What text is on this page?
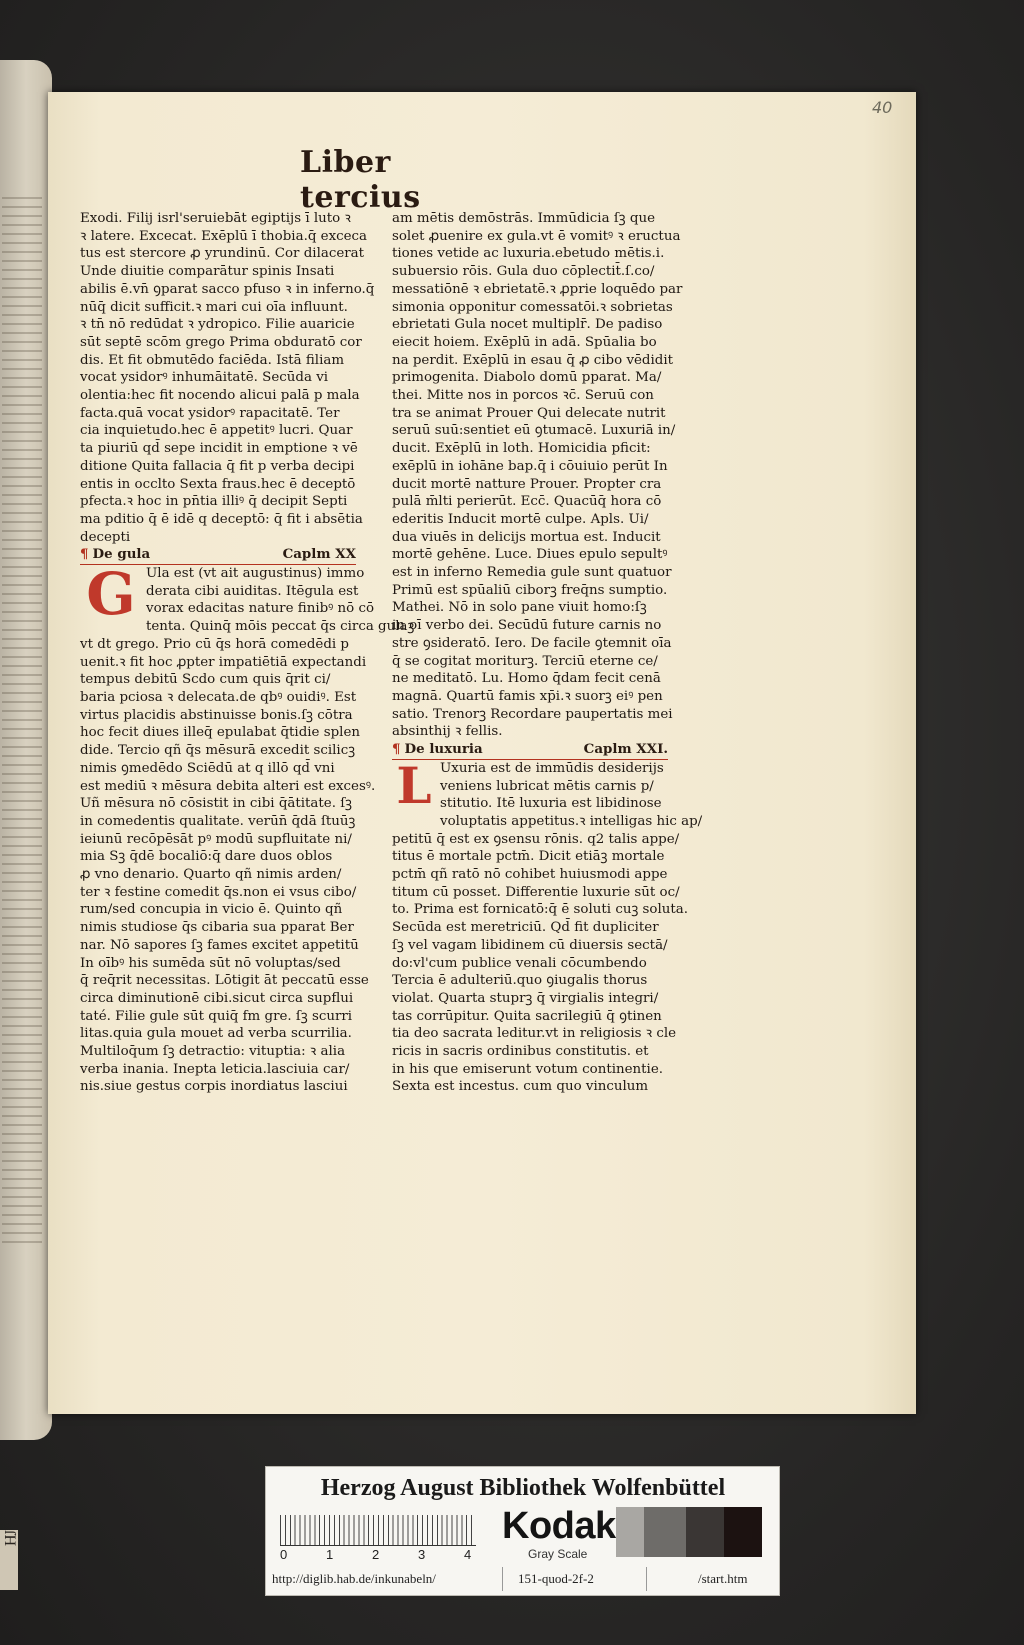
ſH
40
Liber tercius
Exodi. Filij isrl'seruiebāt egiptijs ī luto ꝛ
ꝛ latere. Excecat. Exēplū ī thobia.q̄ exceca
tus est stercore ꝓ yrundinū. Cor dilacerat
Unde diuitie comparātur spinis Insati
abilis ē.vn̄ ꝯparat sacco pfuso ꝛ in inferno.q̄
nūq̄ dicit sufficit.ꝛ mari cui oīa influunt.
ꝛ tn̄ nō redūdat ꝛ ydropico. Filie auaricie
sūt septē scōm grego Prima obduratō cor
dis. Et fit obmutēdo faciēda. Istā filiam
vocat ysidorꝰ inhumāitatē. Secūda vi
olentia:hec fit nocendo alicui palā p mala
facta.quā vocat ysidorꝰ rapacitatē. Ter
cia inquietudo.hec ē appetitꝰ lucri. Quar
ta piuriū qd̄ sepe incidit in emptione ꝛ vē
ditione Quita fallacia q̄ fit p verba decipi
entis in occlto Sexta fraus.hec ē deceptō
pfecta.ꝛ hoc in pn̄tia illiꝰ q̄ decipit Septi
ma pditio q̄ ē idē q deceptō: q̄ fit i absētia
decepti
¶ De gula	Caplm XX
G Ula est (vt ait augustinus) immo
derata cibi auiditas. Itēgula est
vorax edacitas nature finibꝰ nō cō
tenta. Quinq̄ mōis peccat q̄s circa gulaꝫ
vt dt grego. Prio cū q̄s horā comedēdi p
uenit.ꝛ fit hoc ꝓpter impatiētiā expectandi
tempus debitū Scdo cum quis q̄rit ci/
baria pciosa ꝛ delecata.de qbꝰ ouidiꝰ. Est
virtus placidis abstinuisse bonis.ſꝫ cōtra
hoc fecit diues illeq̄ epulabat q̄tidie splen
dide. Tercio qñ q̄s mēsurā excedit scilicꝫ
nimis ꝯmedēdo Sciēdū at q illō qd̄ vni
est mediū ꝛ mēsura debita alteri est excesꝰ.
Uñ mēsura nō cōsistit in cibi q̄ātitate. ſꝫ
in comedentis qualitate. verūn̄ q̄dā ſtuūꝫ
ieiunū recōpēsāt pꝰ modū supfluitate ni/
mia Sꝫ q̄dē bocaliō:q̄ dare duos oblos
ꝓ vno denario. Quarto qñ nimis arden/
ter ꝛ festine comedit q̄s.non ei vsus cibo/
rum/sed concupia in vicio ē. Quinto qñ
nimis studiose q̄s cibaria sua pparat Ber
nar. Nō sapores ſꝫ fames excitet appetitū
In oībꝰ his sumēda sūt nō voluptas/sed
q̄ req̄rit necessitas. Lōtigit āt peccatū esse
circa diminutionē cibi.sicut circa supflui
taté. Filie gule sūt quiq̄ fm gre. ſꝫ scurri
litas.quia gula mouet ad verba scurrilia.
Multiloq̄um ſꝫ detractio: vituptia: ꝛ alia
verba inania. Inepta leticia.lasciuia car/
nis.siue gestus corpis inordiatus lasciui
am mētis demōstrās. Immūdicia ſꝫ que
solet ꝓuenire ex gula.vt ē vomitꝰ ꝛ eructua
tiones vetide ac luxuria.ebetudo mētis.i.
subuersio rōis. Gula duo cōplectit̄.ſ.co/
messatiōnē ꝛ ebrietatē.ꝛ ꝓprie loquēdo par
simonia opponitur comessatōi.ꝛ sobrietas
ebrietati Gula nocet multiplr̄. De padiso
eiecit hoiem. Exēplū in adā. Spūalia bo
na perdit. Exēplū in esau q̄ ꝓ cibo vēdidit
primogenita. Diabolo domū pparat. Ma/
thei. Mitte nos in porcos ꝛc̄. Seruū con
tra se animat Prouer Qui delecate nutrit
seruū suū:sentiet eū ꝯtumacē. Luxuriā in/
ducit. Exēplū in loth. Homicidia pficit:
exēplū in iohāne bap.q̄ i cōuiuio perūt In
ducit mortē natture Prouer. Propter cra
pulā m̄lti perierūt. Ecc̄. Quacūq̄ hora cō
ederitis Inducit mortē culpe. Apls. Ui/
dua viuēs in delicijs mortua est. Inducit
mortē gehēne. Luce. Diues epulo sepultꝰ
est in inferno Remedia gule sunt quatuor
Primū est spūaliū ciborꝫ freq̄ns sumptio.
Mathei. Nō in solo pane viuit homo:ſꝫ
in oī verbo dei. Secūdū future carnis no
stre ꝯsideratō. Iero. De facile ꝯtemnit oīa
q̄ se cogitat moriturꝫ. Terciū eterne ce/
ne meditatō. Lu. Homo q̄dam fecit cenā
magnā. Quartū famis xp̄i.ꝛ suorꝫ eiꝰ pen
satio. Trenorꝫ Recordare paupertatis mei
absinthij ꝛ fellis.
¶ De luxuria	Caplm XXI.
L Uxuria est de immūdis desiderijs
veniens lubricat mētis carnis p/
stitutio. Itē luxuria est libidinose
voluptatis appetitus.ꝛ intelligas hic ap/
petitū q̄ est ex ꝯsensu rōnis. q2 talis appe/
titus ē mortale pctm̄. Dicit etiāꝫ mortale
pctm̄ qñ ratō nō cohibet huiusmodi appe
titum cū posset. Differentie luxurie sūt oc/
to. Prima est fornicatō:q̄ ē soluti cuꝫ soluta.
Secūda est meretriciū. Qd̄ fit dupliciter
ſꝫ vel vagam libidinem cū diuersis sectā/
do:vl'cum publice venali cōcumbendo
Tercia ē adulteriū.quo ꝯiugalis thorus
violat. Quarta stuprꝫ q̄ virgialis integri/
tas corrūpitur. Quita sacrilegiū q̄ ꝯtinen
tia deo sacrata leditur.vt in religiosis ꝛ cle
ricis in sacris ordinibus constitutis. et
in his que emiserunt votum continentie.
Sexta est incestus. cum quo vinculum
Herzog August Bibliothek Wolfenbüttel
0	1	2	3	4
Kodak
Gray Scale
http://diglib.hab.de/inkunabeln/	151-quod-2f-2	/start.htm
